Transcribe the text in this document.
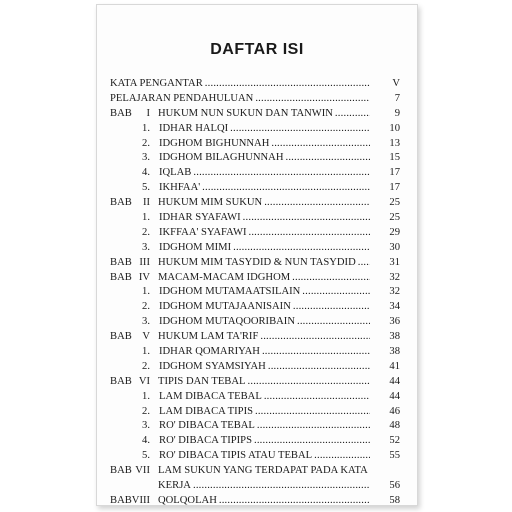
DAFTAR ISI
KATA PENGANTAR .....	V
PELAJARAN PENDAHULUAN .....	7
BAB I HUKUM NUN SUKUN DAN TANWIN .....	9
1. IDHAR HALQI .....	10
2. IDGHOM BIGHUNNAH .....	13
3. IDGHOM BILAGHUNNAH .....	15
4. IQLAB .....	17
5. IKHFAA' .....	17
BAB II HUKUM MIM SUKUN .....	25
1. IDHAR SYAFAWI .....	25
2. IKFFAA' SYAFAWI .....	29
3. IDGHOM MIMI .....	30
BAB III HUKUM MIM TASYDID & NUN TASYDID .....	31
BAB IV MACAM-MACAM IDGHOM .....	32
1. IDGHOM MUTAMAATSILAIN .....	32
2. IDGHOM MUTAJAANISAIN .....	34
3. IDGHOM MUTAQOORIBAIN .....	36
BAB V HUKUM LAM TA'RIF .....	38
1. IDHAR QOMARIYAH .....	38
2. IDGHOM SYAMSIYAH .....	41
BAB VI TIPIS DAN TEBAL .....	44
1. LAM DIBACA TEBAL .....	44
2. LAM DIBACA TIPIS .....	46
3. RO' DIBACA TEBAL .....	48
4. RO' DIBACA TIPIPS .....	52
5. RO' DIBACA TIPIS ATAU TEBAL .....	55
BAB VII LAM SUKUN YANG TERDAPAT PADA KATA
KERJA .....	56
BAB VIII QOLQOLAH .....	58
